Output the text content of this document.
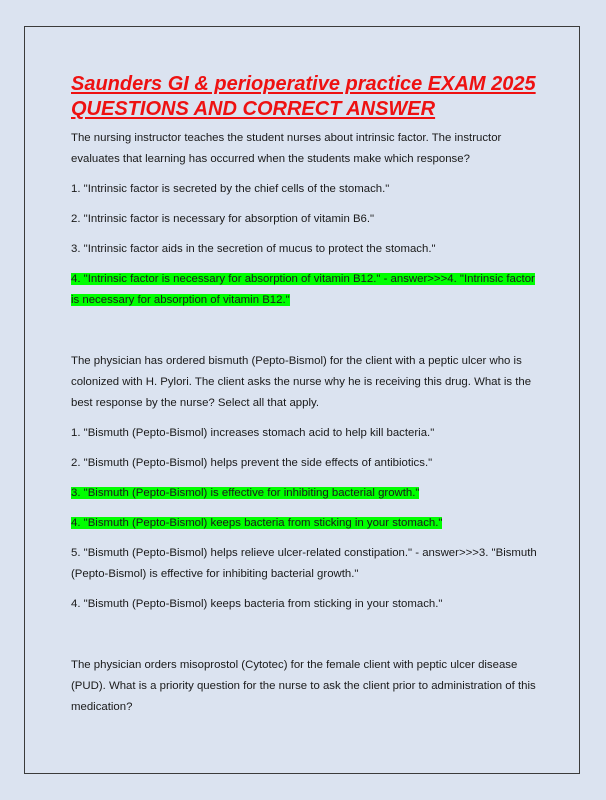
Saunders GI & perioperative practice EXAM 2025 QUESTIONS AND CORRECT ANSWER

The nursing instructor teaches the student nurses about intrinsic factor. The instructor evaluates that learning has occurred when the students make which response?

1. "Intrinsic factor is secreted by the chief cells of the stomach."

2. "Intrinsic factor is necessary for absorption of vitamin B6."

3. "Intrinsic factor aids in the secretion of mucus to protect the stomach."

4. "Intrinsic factor is necessary for absorption of vitamin B12." - answer>>>4. "Intrinsic factor is necessary for absorption of vitamin B12."

The physician has ordered bismuth (Pepto-Bismol) for the client with a peptic ulcer who is colonized with H. Pylori. The client asks the nurse why he is receiving this drug. What is the best response by the nurse? Select all that apply.

1. "Bismuth (Pepto-Bismol) increases stomach acid to help kill bacteria."

2. "Bismuth (Pepto-Bismol) helps prevent the side effects of antibiotics."

3. "Bismuth (Pepto-Bismol) is effective for inhibiting bacterial growth."

4. "Bismuth (Pepto-Bismol) keeps bacteria from sticking in your stomach."

5. "Bismuth (Pepto-Bismol) helps relieve ulcer-related constipation." - answer>>>3. "Bismuth (Pepto-Bismol) is effective for inhibiting bacterial growth."

4. "Bismuth (Pepto-Bismol) keeps bacteria from sticking in your stomach."

The physician orders misoprostol (Cytotec) for the female client with peptic ulcer disease (PUD). What is a priority question for the nurse to ask the client prior to administration of this medication?
